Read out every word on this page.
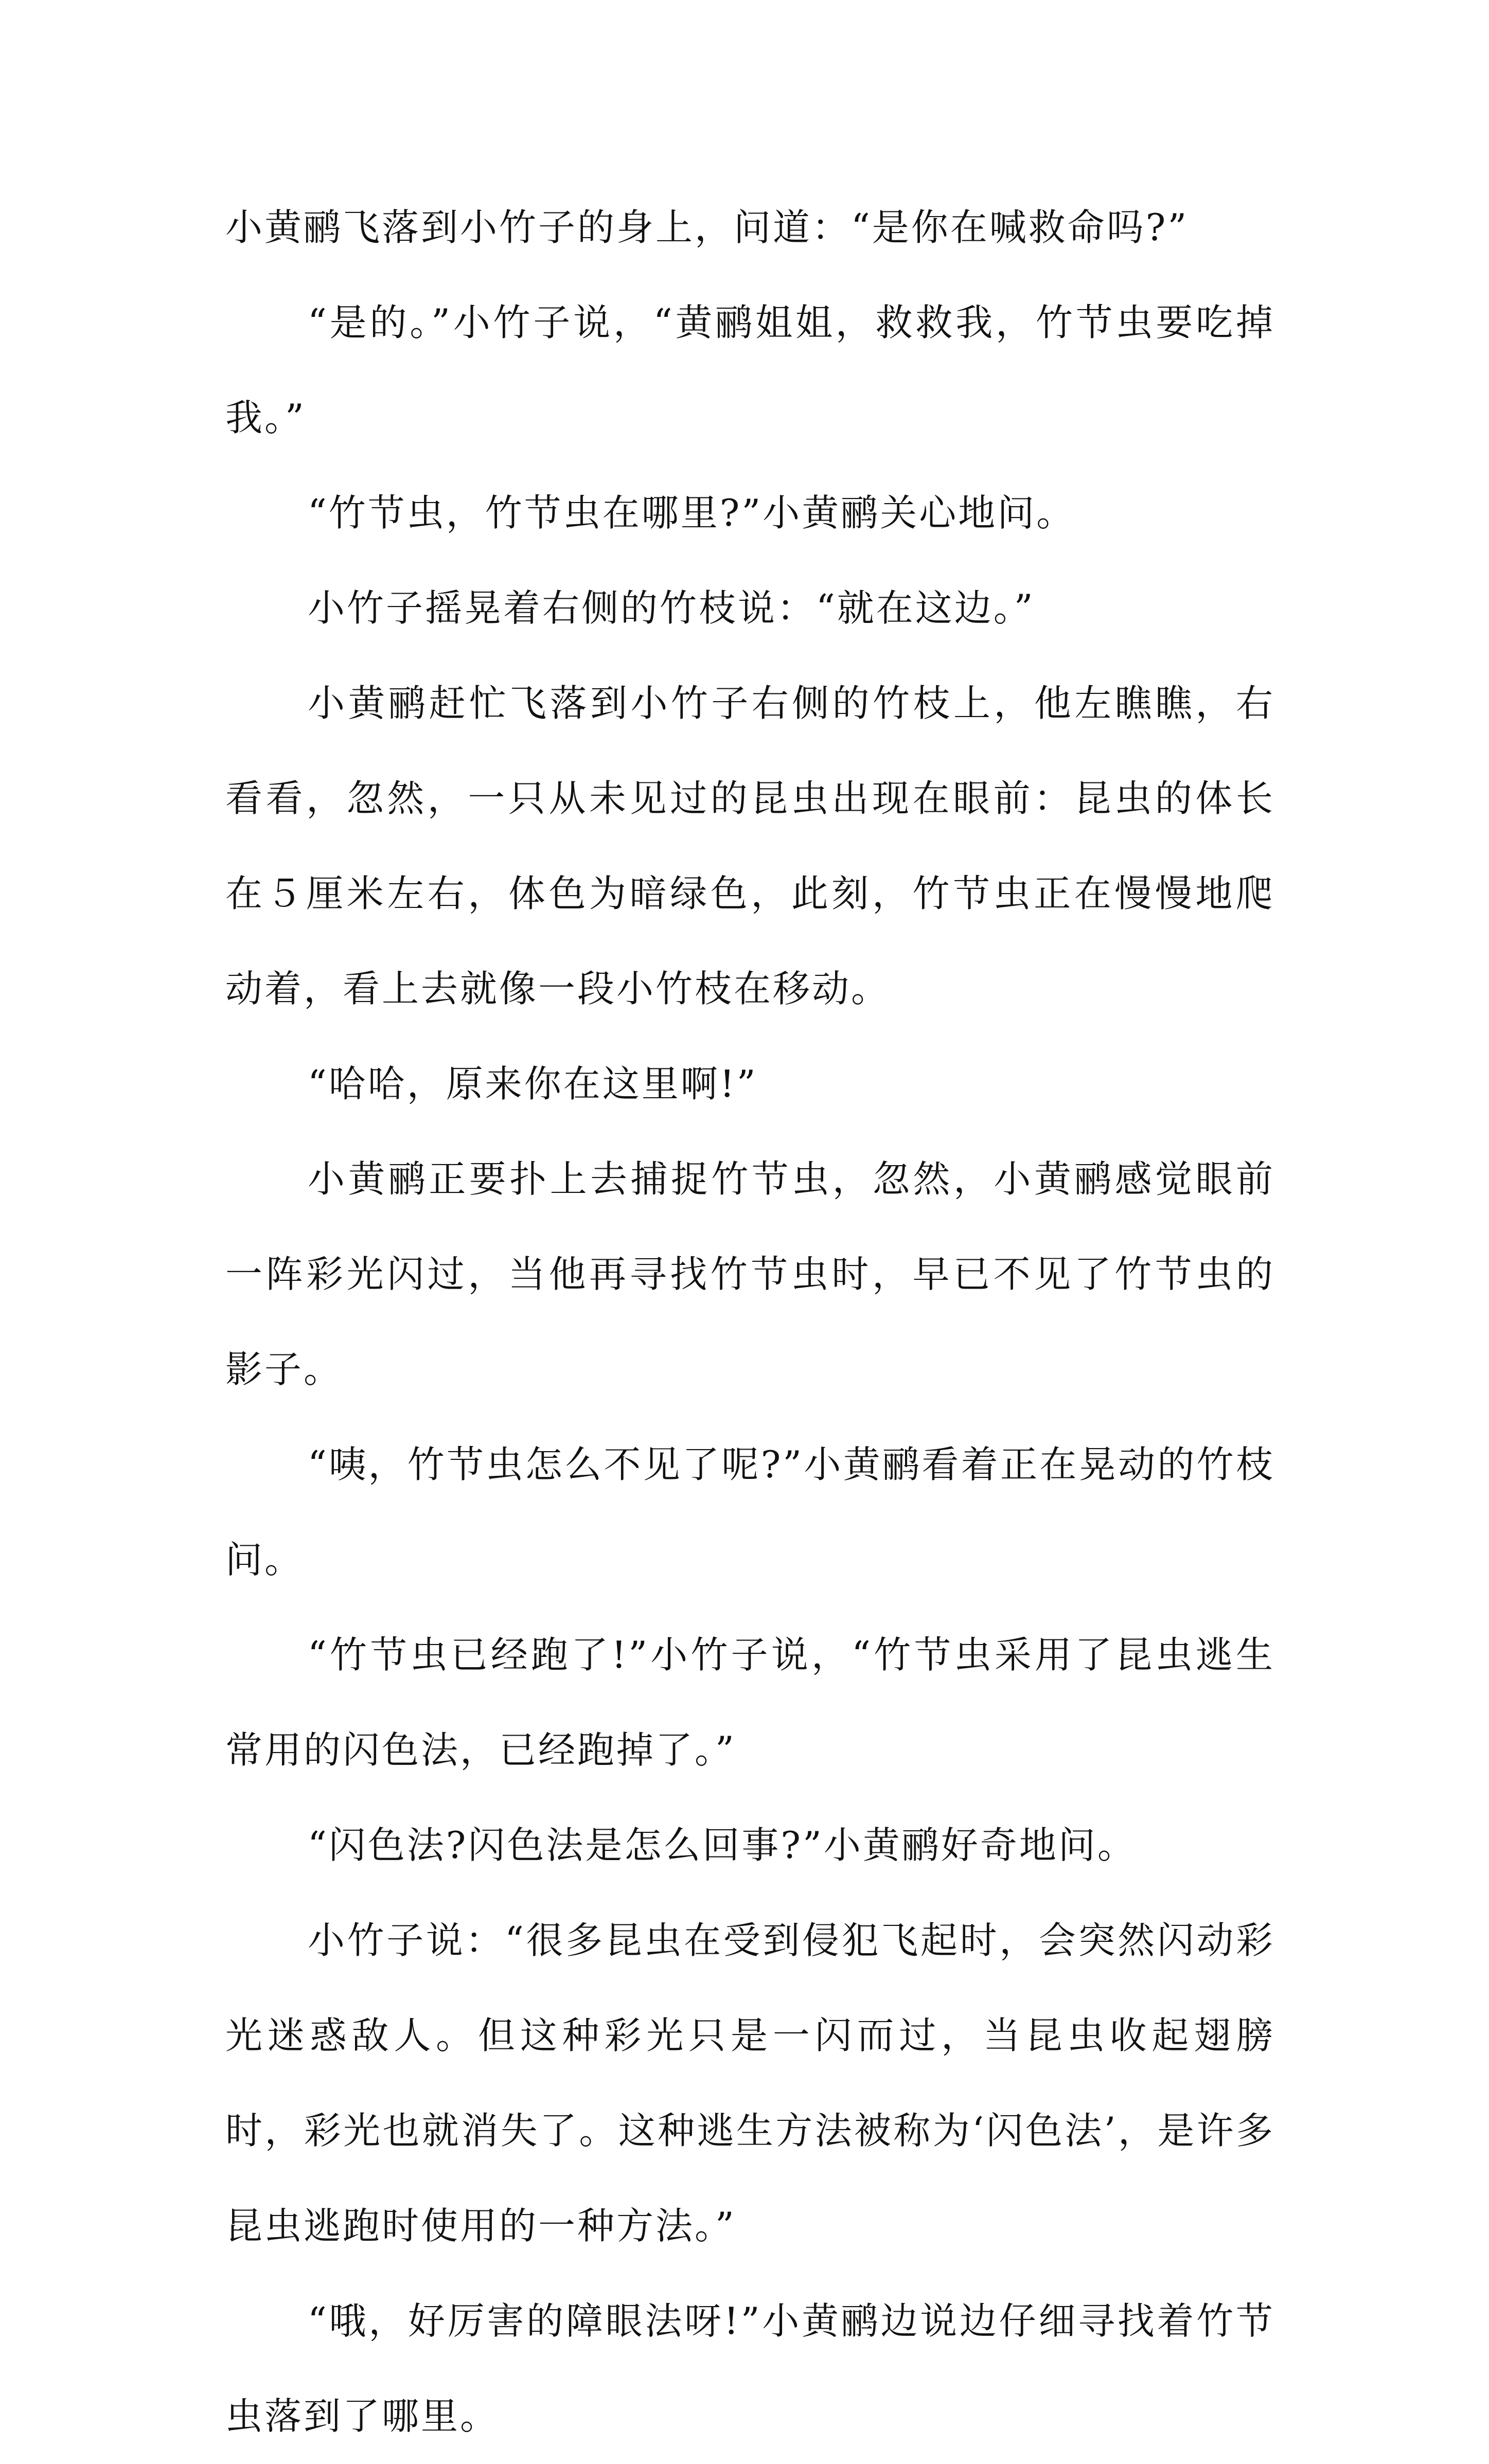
小黄鹂飞落到小竹子的身上，问道：“是你在喊救命吗?”

“是的。”小竹子说，“黄鹂姐姐，救救我，竹节虫要吃掉我。”

“竹节虫，竹节虫在哪里?”小黄鹂关心地问。

小竹子摇晃着右侧的竹枝说：“就在这边。”

小黄鹂赶忙飞落到小竹子右侧的竹枝上，他左瞧瞧，右看看，忽然，一只从未见过的昆虫出现在眼前：昆虫的体长在５厘米左右，体色为暗绿色，此刻，竹节虫正在慢慢地爬动着，看上去就像一段小竹枝在移动。

“哈哈，原来你在这里啊!”

小黄鹂正要扑上去捕捉竹节虫，忽然，小黄鹂感觉眼前一阵彩光闪过，当他再寻找竹节虫时，早已不见了竹节虫的影子。

“咦，竹节虫怎么不见了呢?”小黄鹂看着正在晃动的竹枝问。

“竹节虫已经跑了!”小竹子说，“竹节虫采用了昆虫逃生常用的闪色法，已经跑掉了。”

“闪色法?闪色法是怎么回事?”小黄鹂好奇地问。

小竹子说：“很多昆虫在受到侵犯飞起时，会突然闪动彩光迷惑敌人。但这种彩光只是一闪而过，当昆虫收起翅膀时，彩光也就消失了。这种逃生方法被称为‘闪色法’，是许多昆虫逃跑时使用的一种方法。”

“哦，好厉害的障眼法呀!”小黄鹂边说边仔细寻找着竹节虫落到了哪里。
